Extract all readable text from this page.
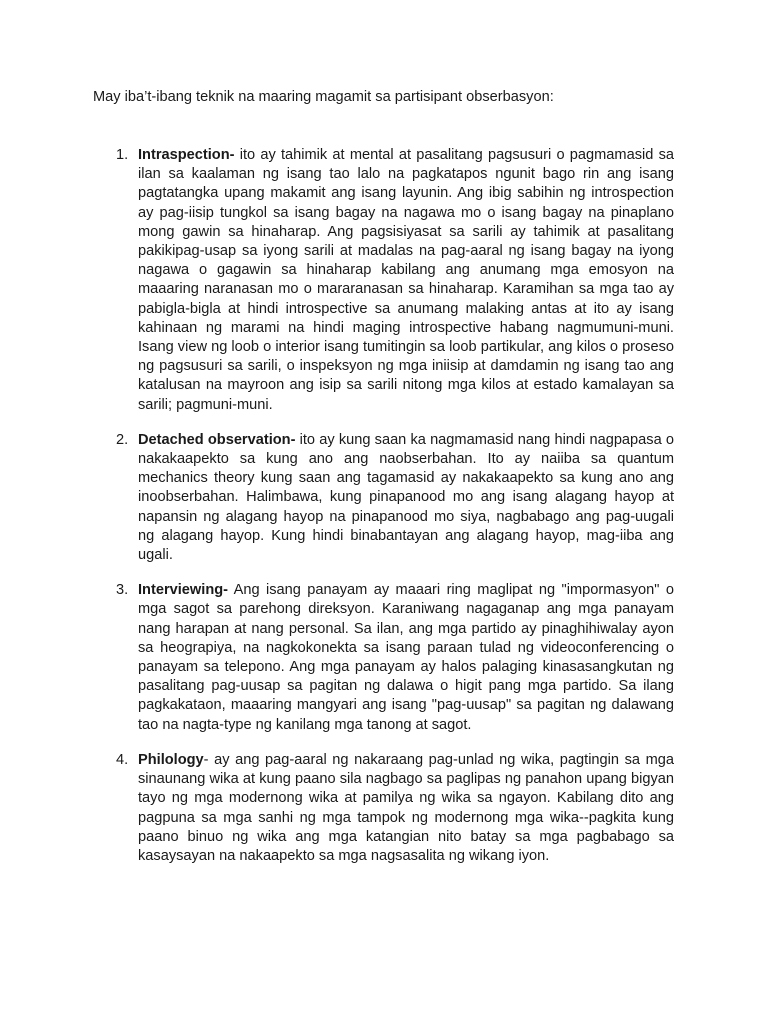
May iba’t-ibang teknik na maaring magamit sa partisipant obserbasyon:
1. Intraspection- ito ay tahimik at mental at pasalitang pagsusuri o pagmamasid sa ilan sa kaalaman ng isang tao lalo na pagkatapos ngunit bago rin ang isang pagtatangka upang makamit ang isang layunin. Ang ibig sabihin ng introspection ay pag-iisip tungkol sa isang bagay na nagawa mo o isang bagay na pinaplano mong gawin sa hinaharap. Ang pagsisiyasat sa sarili ay tahimik at pasalitang pakikipag-usap sa iyong sarili at madalas na pag-aaral ng isang bagay na iyong nagawa o gagawin sa hinaharap kabilang ang anumang mga emosyon na maaaring naranasan mo o mararanasan sa hinaharap. Karamihan sa mga tao ay pabigla-bigla at hindi introspective sa anumang malaking antas at ito ay isang kahinaan ng marami na hindi maging introspective habang nagmumuni-muni. Isang view ng loob o interior isang tumitingin sa loob partikular, ang kilos o proseso ng pagsusuri sa sarili, o inspeksyon ng mga iniisip at damdamin ng isang tao ang katalusan na mayroon ang isip sa sarili nitong mga kilos at estado kamalayan sa sarili; pagmuni-muni.
2. Detached observation- ito ay kung saan ka nagmamasid nang hindi nagpapasa o nakakaapekto sa kung ano ang naobserbahan. Ito ay naiiba sa quantum mechanics theory kung saan ang tagamasid ay nakakaapekto sa kung ano ang inoobserbahan. Halimbawa, kung pinapanood mo ang isang alagang hayop at napansin ng alagang hayop na pinapanood mo siya, nagbabago ang pag-uugali ng alagang hayop. Kung hindi binabantayan ang alagang hayop, mag-iiba ang ugali.
3. Interviewing- Ang isang panayam ay maaari ring maglipat ng "impormasyon" o mga sagot sa parehong direksyon. Karaniwang nagaganap ang mga panayam nang harapan at nang personal. Sa ilan, ang mga partido ay pinaghihiwalay ayon sa heograpiya, na nagkokonekta sa isang paraan tulad ng videoconferencing o panayam sa telepono. Ang mga panayam ay halos palaging kinasasangkutan ng pasalitang pag-uusap sa pagitan ng dalawa o higit pang mga partido. Sa ilang pagkakataon, maaaring mangyari ang isang "pag-uusap" sa pagitan ng dalawang tao na nagta-type ng kanilang mga tanong at sagot.
4. Philology- ay ang pag-aaral ng nakaraang pag-unlad ng wika, pagtingin sa mga sinaunang wika at kung paano sila nagbago sa paglipas ng panahon upang bigyan tayo ng mga modernong wika at pamilya ng wika sa ngayon. Kabilang dito ang pagpuna sa mga sanhi ng mga tampok ng modernong mga wika--pagkita kung paano binuo ng wika ang mga katangian nito batay sa mga pagbabago sa kasaysayan na nakaapekto sa mga nagsasalita ng wikang iyon.
